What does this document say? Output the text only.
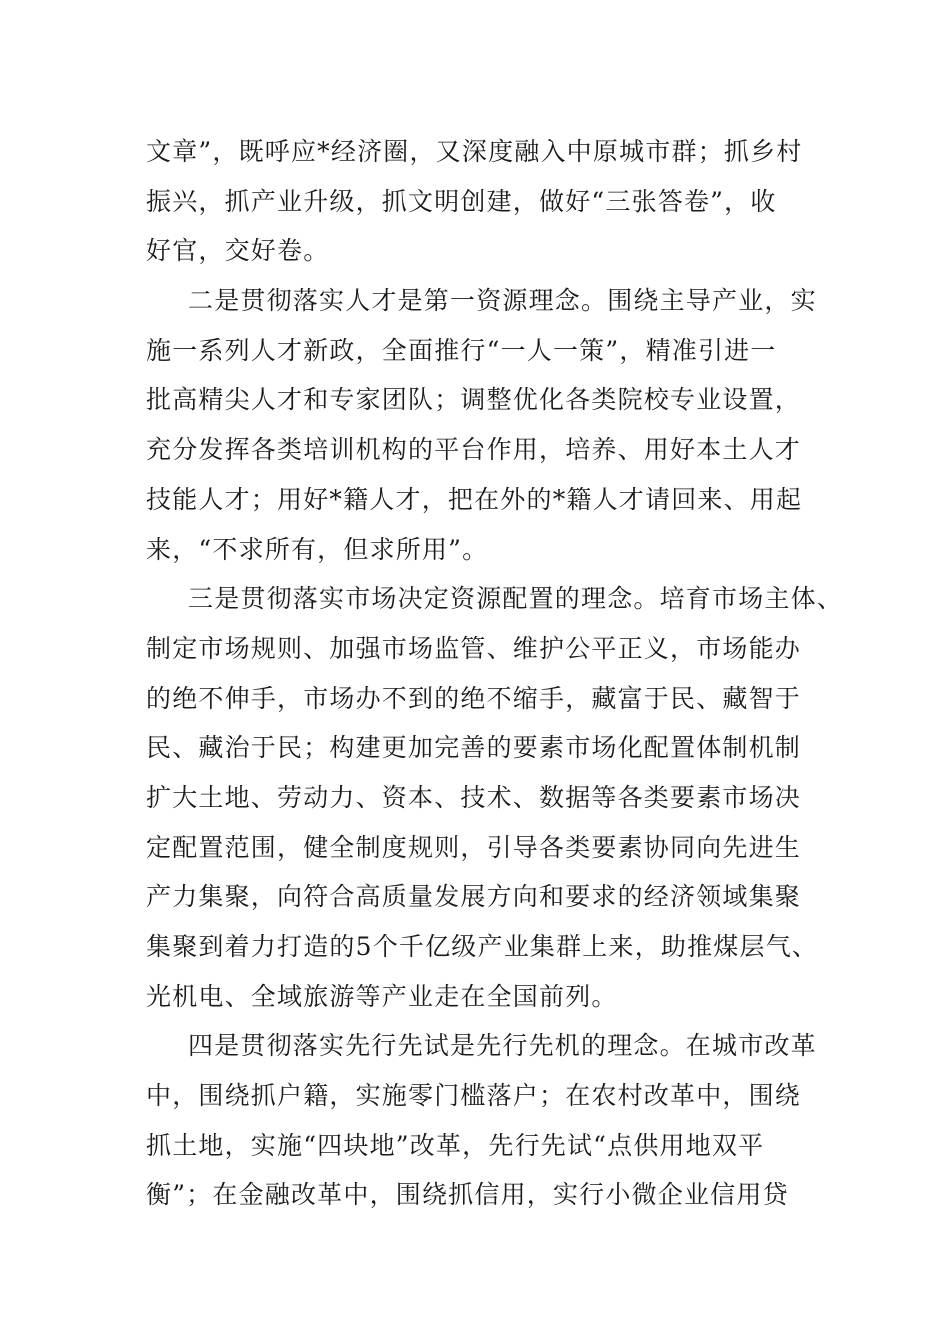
文章”，既呼应*经济圈，又深度融入中原城市群；抓乡村
振兴，抓产业升级，抓文明创建，做好“三张答卷”，收
好官，交好卷。
二是贯彻落实人才是第一资源理念。围绕主导产业，实
施一系列人才新政，全面推行“一人一策”，精准引进一
批高精尖人才和专家团队；调整优化各类院校专业设置，
充分发挥各类培训机构的平台作用，培养、用好本土人才
技能人才；用好*籍人才，把在外的*籍人才请回来、用起
来，“不求所有，但求所用”。
三是贯彻落实市场决定资源配置的理念。培育市场主体、
制定市场规则、加强市场监管、维护公平正义，市场能办
的绝不伸手，市场办不到的绝不缩手，藏富于民、藏智于
民、藏治于民；构建更加完善的要素市场化配置体制机制
扩大土地、劳动力、资本、技术、数据等各类要素市场决
定配置范围，健全制度规则，引导各类要素协同向先进生
产力集聚，向符合高质量发展方向和要求的经济领域集聚
集聚到着力打造的5个千亿级产业集群上来，助推煤层气、
光机电、全域旅游等产业走在全国前列。
四是贯彻落实先行先试是先行先机的理念。在城市改革
中，围绕抓户籍，实施零门槛落户；在农村改革中，围绕
抓土地，实施“四块地”改革，先行先试“点供用地双平
衡”；在金融改革中，围绕抓信用，实行小微企业信用贷
